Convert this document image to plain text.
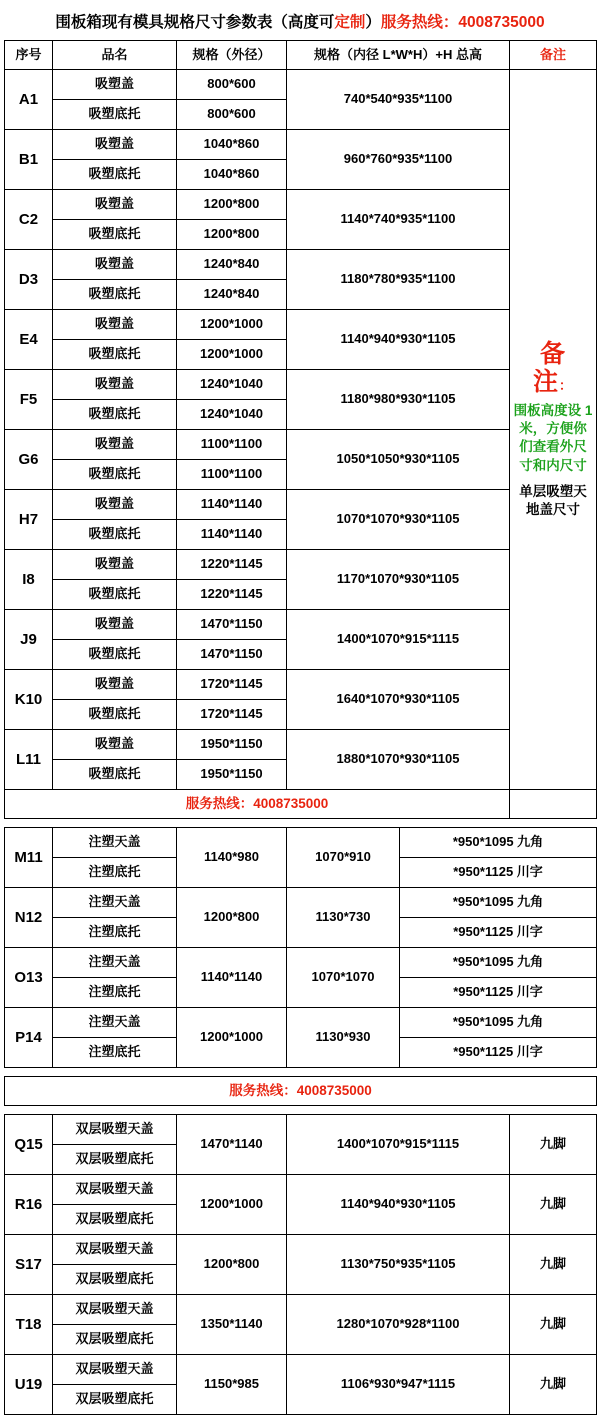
围板箱现有模具规格尺寸参数表（高度可定制）服务热线：4008735000
序号	品名	规格（外径）	规格（内径 L*W*H）+H 总高		备注
A1	吸塑盖	800*600	740*540*935*1100		备
注：
围板高度设 1 米，方便你们查看外尺寸和内尺寸
单层吸塑天地盖尺寸

	吸塑底托	800*600			
B1	吸塑盖	1040*860	960*760*935*1100		
	吸塑底托	1040*860			
C2	吸塑盖	1200*800	1140*740*935*1100		
	吸塑底托	1200*800			
D3	吸塑盖	1240*840	1180*780*935*1100		
	吸塑底托	1240*840			
E4	吸塑盖	1200*1000	1140*940*930*1105		
	吸塑底托	1200*1000			
F5	吸塑盖	1240*1040	1180*980*930*1105		
	吸塑底托	1240*1040			
G6	吸塑盖	1100*1100	1050*1050*930*1105		
	吸塑底托	1100*1100			
H7	吸塑盖	1140*1140	1070*1070*930*1105		
	吸塑底托	1140*1140			
I8	吸塑盖	1220*1145	1170*1070*930*1105		
	吸塑底托	1220*1145			
J9	吸塑盖	1470*1150	1400*1070*915*1115		
	吸塑底托	1470*1150			
K10	吸塑盖	1720*1145	1640*1070*930*1105		
	吸塑底托	1720*1145			
L11	吸塑盖	1950*1150	1880*1070*930*1105		
	吸塑底托	1950*1150			
服务热线：4008735000					

M11	注塑天盖	1140*980	1070*910	*950*1095 九角	
	注塑底托			*950*1125 川字	
N12	注塑天盖	1200*800	1130*730	*950*1095 九角	
	注塑底托			*950*1125 川字	
O13	注塑天盖	1140*1140	1070*1070	*950*1095 九角	
	注塑底托			*950*1125 川字	
P14	注塑天盖	1200*1000	1130*930	*950*1095 九角	
	注塑底托			*950*1125 川字	

服务热线：4008735000					

Q15	双层吸塑天盖	1470*1140	1400*1070*915*1115		九脚
	双层吸塑底托				
R16	双层吸塑天盖	1200*1000	1140*940*930*1105		九脚
	双层吸塑底托				
S17	双层吸塑天盖	1200*800	1130*750*935*1105		九脚
	双层吸塑底托				
T18	双层吸塑天盖	1350*1140	1280*1070*928*1100		九脚
	双层吸塑底托				
U19	双层吸塑天盖	1150*985	1106*930*947*1115		九脚
	双层吸塑底托				
